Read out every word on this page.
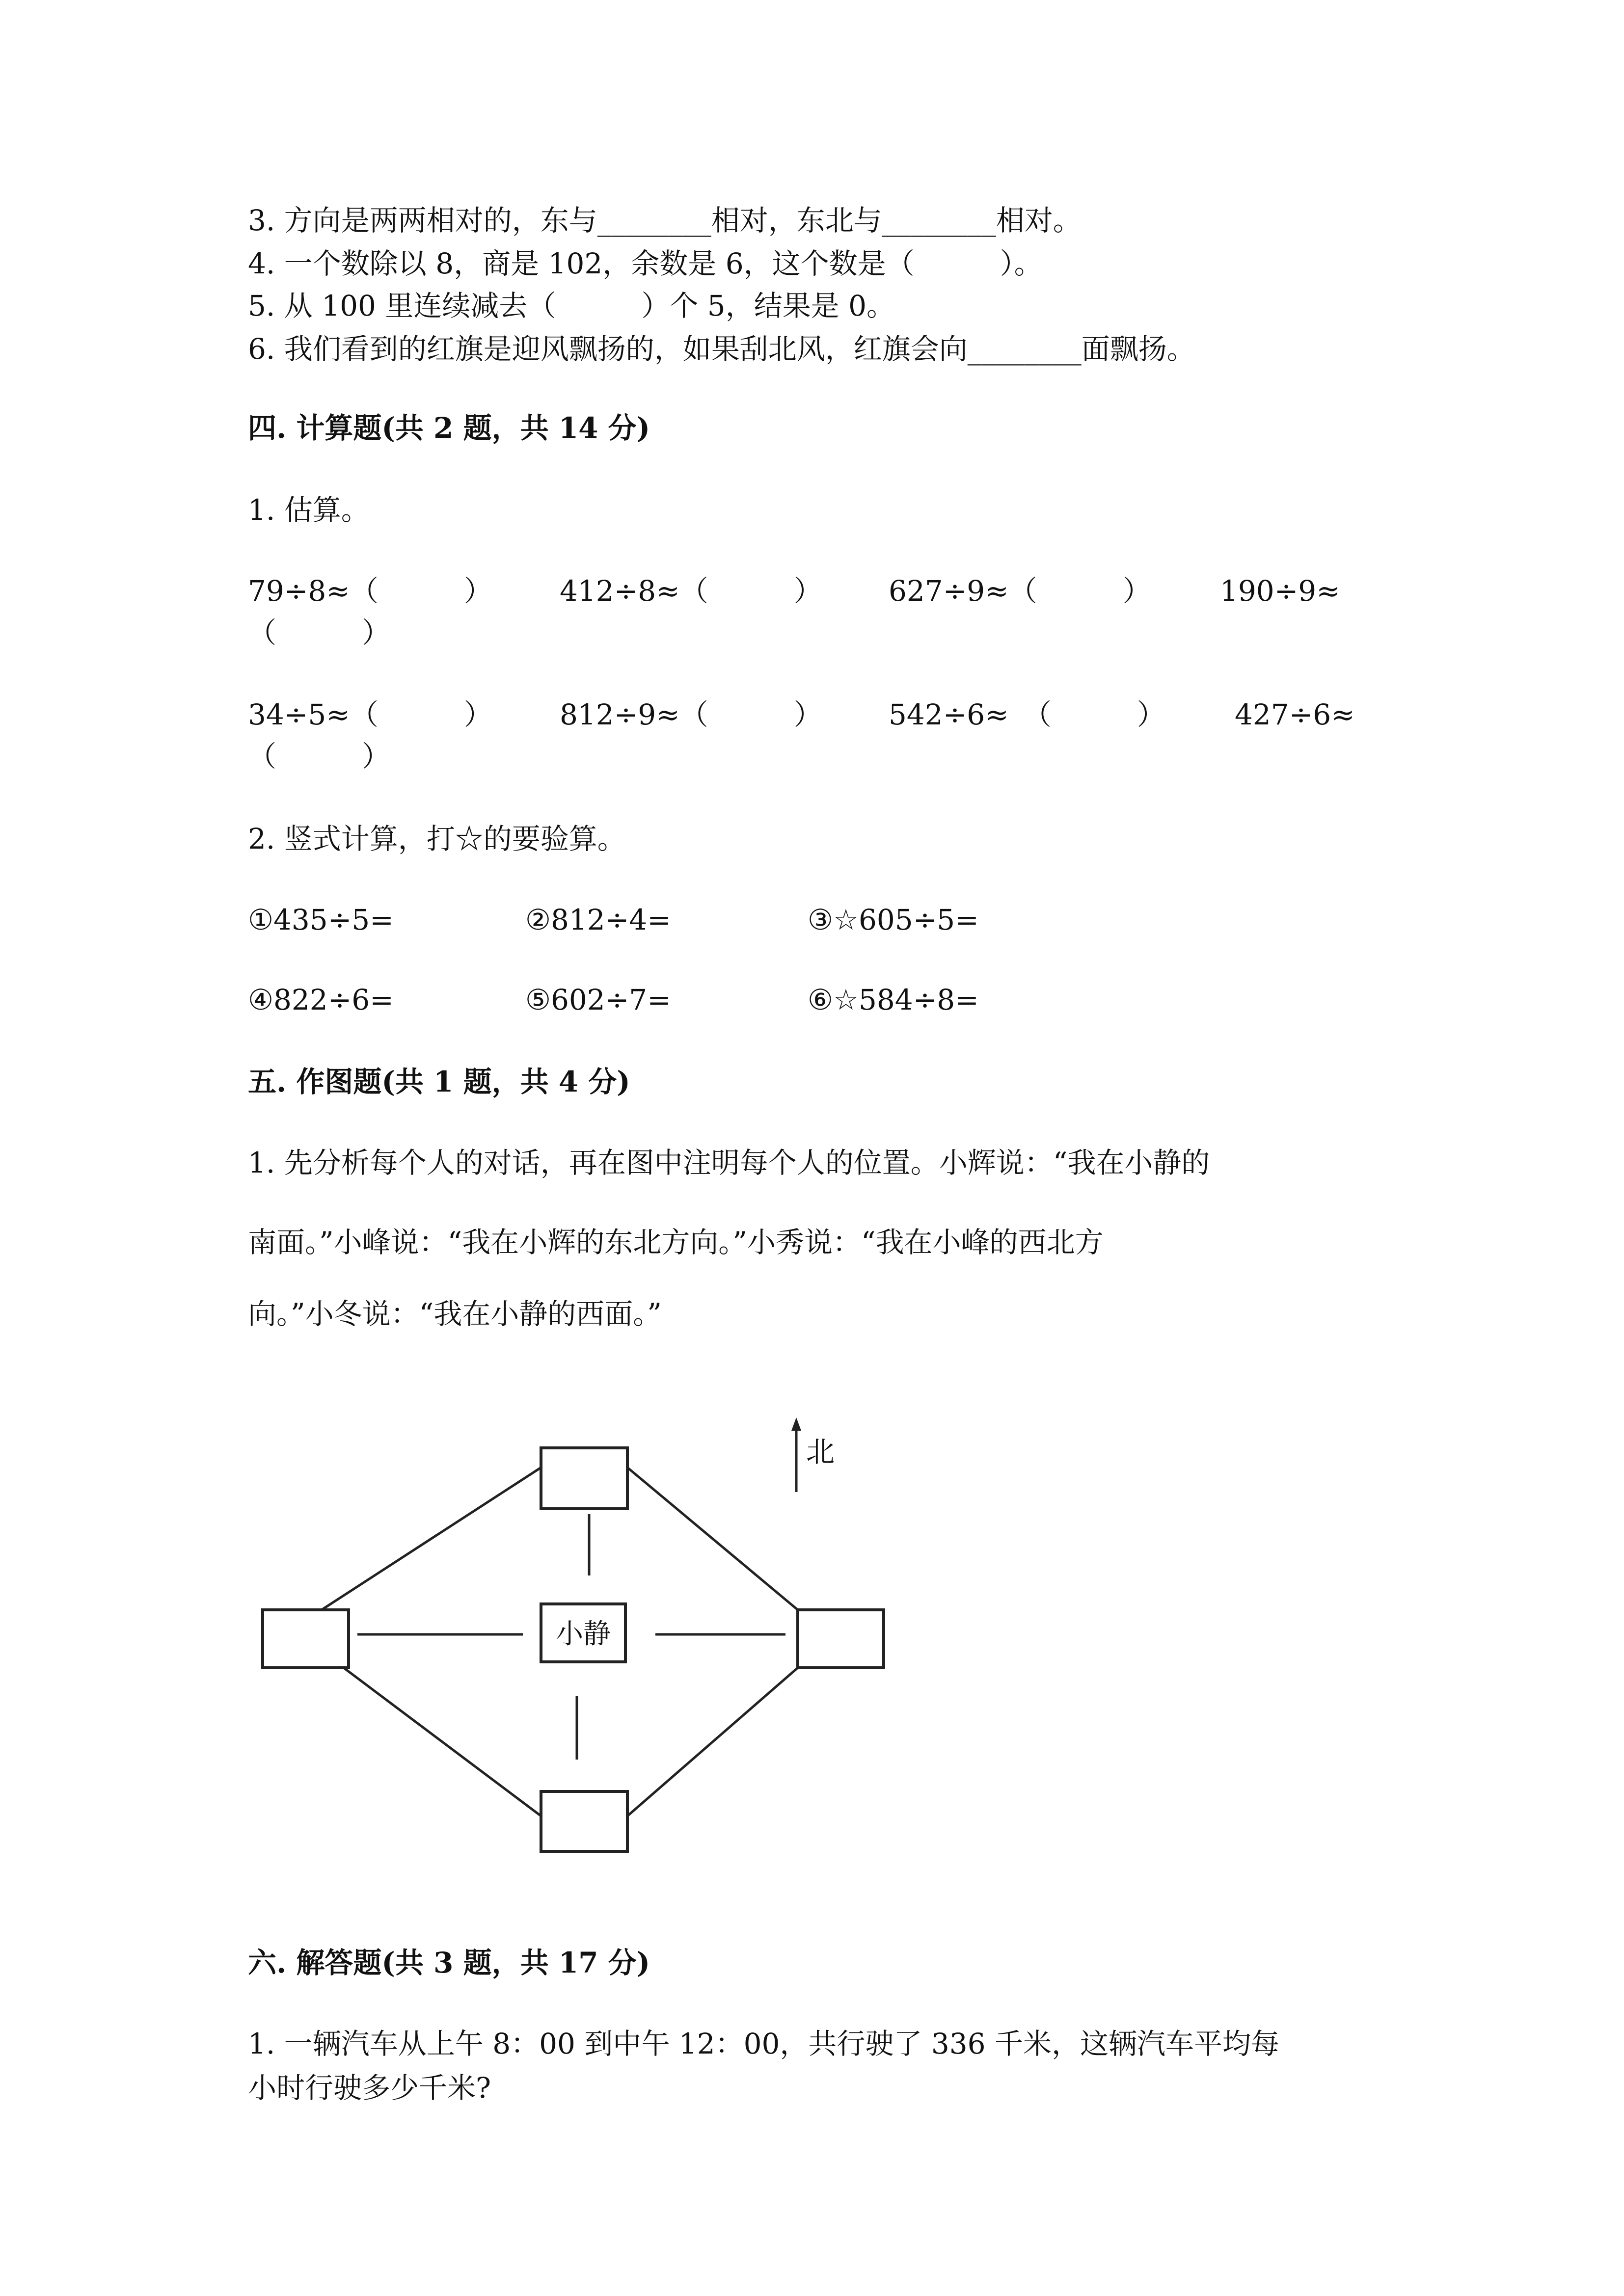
3. 方向是两两相对的，东与________相对，东北与________相对。
4. 一个数除以 8，商是 102，余数是 6，这个数是（　　　）。
5. 从 100 里连续减去（　　　）个 5，结果是 0。
6. 我们看到的红旗是迎风飘扬的，如果刮北风，红旗会向________面飘扬。
四. 计算题(共 2 题，共 14 分)
1. 估算。
79÷8≈（　　　） 412÷8≈（　　　） 627÷9≈（　　　） 190÷9≈
（　　　）
34÷5≈（　　　） 812÷9≈（　　　） 542÷6≈　（　　　） 427÷6≈
（　　　）
2. 竖式计算，打☆的要验算。
①435÷5=	②812÷4=	③☆605÷5=
④822÷6=	⑤602÷7=	⑥☆584÷8=
五. 作图题(共 1 题，共 4 分)
1. 先分析每个人的对话，再在图中注明每个人的位置。小辉说：“我在小静的
南面。”小峰说：“我在小辉的东北方向。”小秀说：“我在小峰的西北方
向。”小冬说：“我在小静的西面。”
小静
北
六. 解答题(共 3 题，共 17 分)
1. 一辆汽车从上午 8：00 到中午 12：00，共行驶了 336 千米，这辆汽车平均每
小时行驶多少千米?
